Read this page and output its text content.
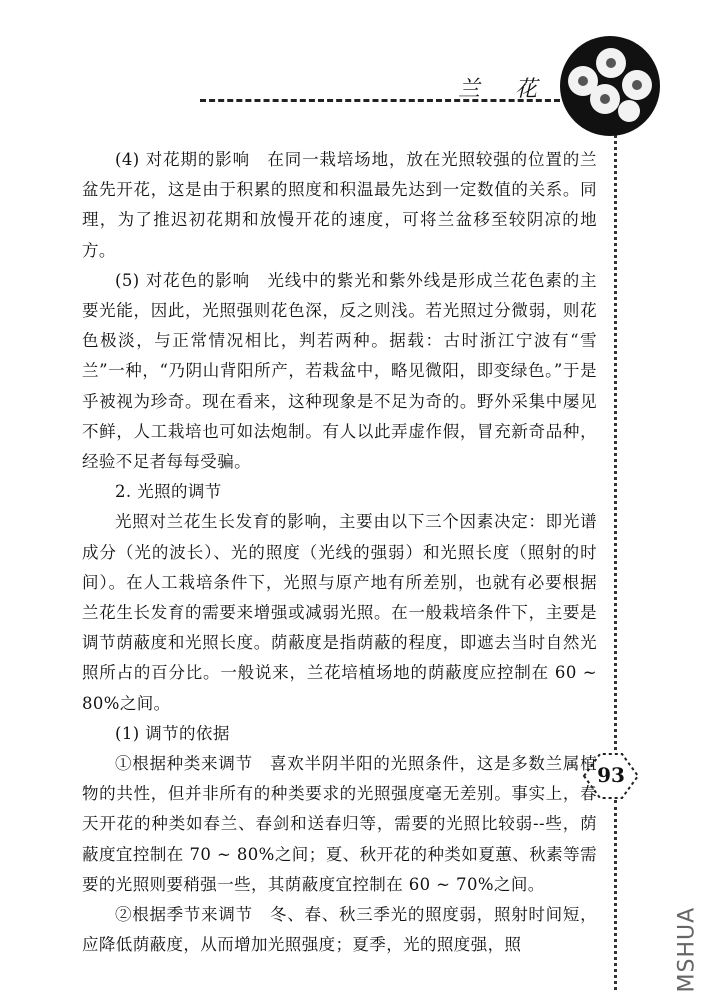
兰 花
93

(4) 对花期的影响　 在同一栽培场地，放在光照较强的位置的兰盆先开花，这是由于积累的照度和积温最先达到一定数值的关系。同理，为了推迟初花期和放慢开花的速度，可将兰盆移至较阴凉的地方。

(5) 对花色的影响　 光线中的紫光和紫外线是形成兰花色素的主要光能，因此，光照强则花色深，反之则浅。若光照过分微弱，则花色极淡，与正常情况相比，判若两种。据载：古时浙江宁波有“雪兰”一种，“乃阴山背阳所产，若栽盆中，略见微阳，即变绿色。”于是乎被视为珍奇。现在看来，这种现象是不足为奇的。野外采集中屡见不鲜，人工栽培也可如法炮制。有人以此弄虚作假，冒充新奇品种，经验不足者每每受骗。

2. 光照的调节

光照对兰花生长发育的影响，主要由以下三个因素决定：即光谱成分（光的波长）、光的照度（光线的强弱）和光照长度（照射的时间）。在人工栽培条件下，光照与原产地有所差别，也就有必要根据兰花生长发育的需要来增强或减弱光照。在一般栽培条件下，主要是调节荫蔽度和光照长度。荫蔽度是指荫蔽的程度，即遮去当时自然光照所占的百分比。一般说来，兰花培植场地的荫蔽度应控制在 60 ~ 80%之间。

(1) 调节的依据

①根据种类来调节　 喜欢半阴半阳的光照条件，这是多数兰属植物的共性，但并非所有的种类要求的光照强度毫无差别。事实上，春天开花的种类如春兰、春剑和送春归等，需要的光照比较弱--些，荫蔽度宜控制在 70 ~ 80%之间；夏、秋开花的种类如夏蕙、秋素等需要的光照则要稍强一些，其荫蔽度宜控制在 60 ~ 70%之间。

②根据季节来调节　 冬、春、秋三季光的照度弱，照射时间短，应降低荫蔽度，从而增加光照强度；夏季，光的照度强，照	MSHUA
